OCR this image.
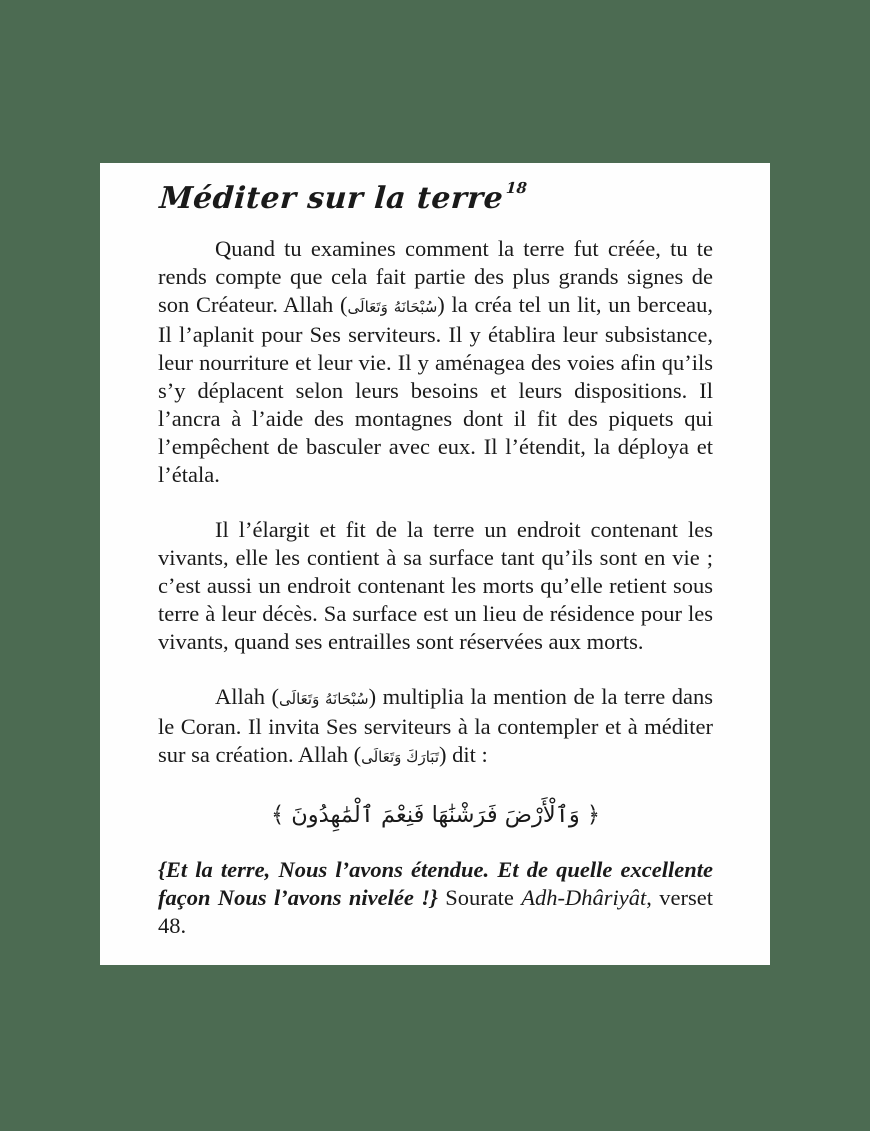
Méditer sur la terre$^{18}$

Quand tu examines comment la terre fut créée, tu te rends compte que cela fait partie des plus grands signes de son Créateur. Allah (سُبْحَانَهُ وَتَعَالَى) la créa tel un lit, un berceau, Il l’aplanit pour Ses serviteurs. Il y établira leur subsistance, leur nourriture et leur vie. Il y aménagea des voies afin qu’ils s’y déplacent selon leurs besoins et leurs dispositions. Il l’ancra à l’aide des montagnes dont il fit des piquets qui l’empêchent de basculer avec eux. Il l’étendit, la déploya et l’étala.

Il l’élargit et fit de la terre un endroit contenant les vivants, elle les contient à sa surface tant qu’ils sont en vie ; c’est aussi un endroit contenant les morts qu’elle retient sous terre à leur décès. Sa surface est un lieu de résidence pour les vivants, quand ses entrailles sont réservées aux morts.

Allah (سُبْحَانَهُ وَتَعَالَى) multiplia la mention de la terre dans le Coran. Il invita Ses serviteurs à la contempler et à méditer sur sa création. Allah (تَبَارَكَ وَتَعَالَى) dit :

﴿ وَٱلْأَرْضَ فَرَشْنَٰهَا فَنِعْمَ ٱلْمَٰهِدُونَ ﴾

{Et la terre, Nous l’avons étendue. Et de quelle excellente façon Nous l’avons nivelée !} Sourate Adh-Dhâriyât, verset 48.
